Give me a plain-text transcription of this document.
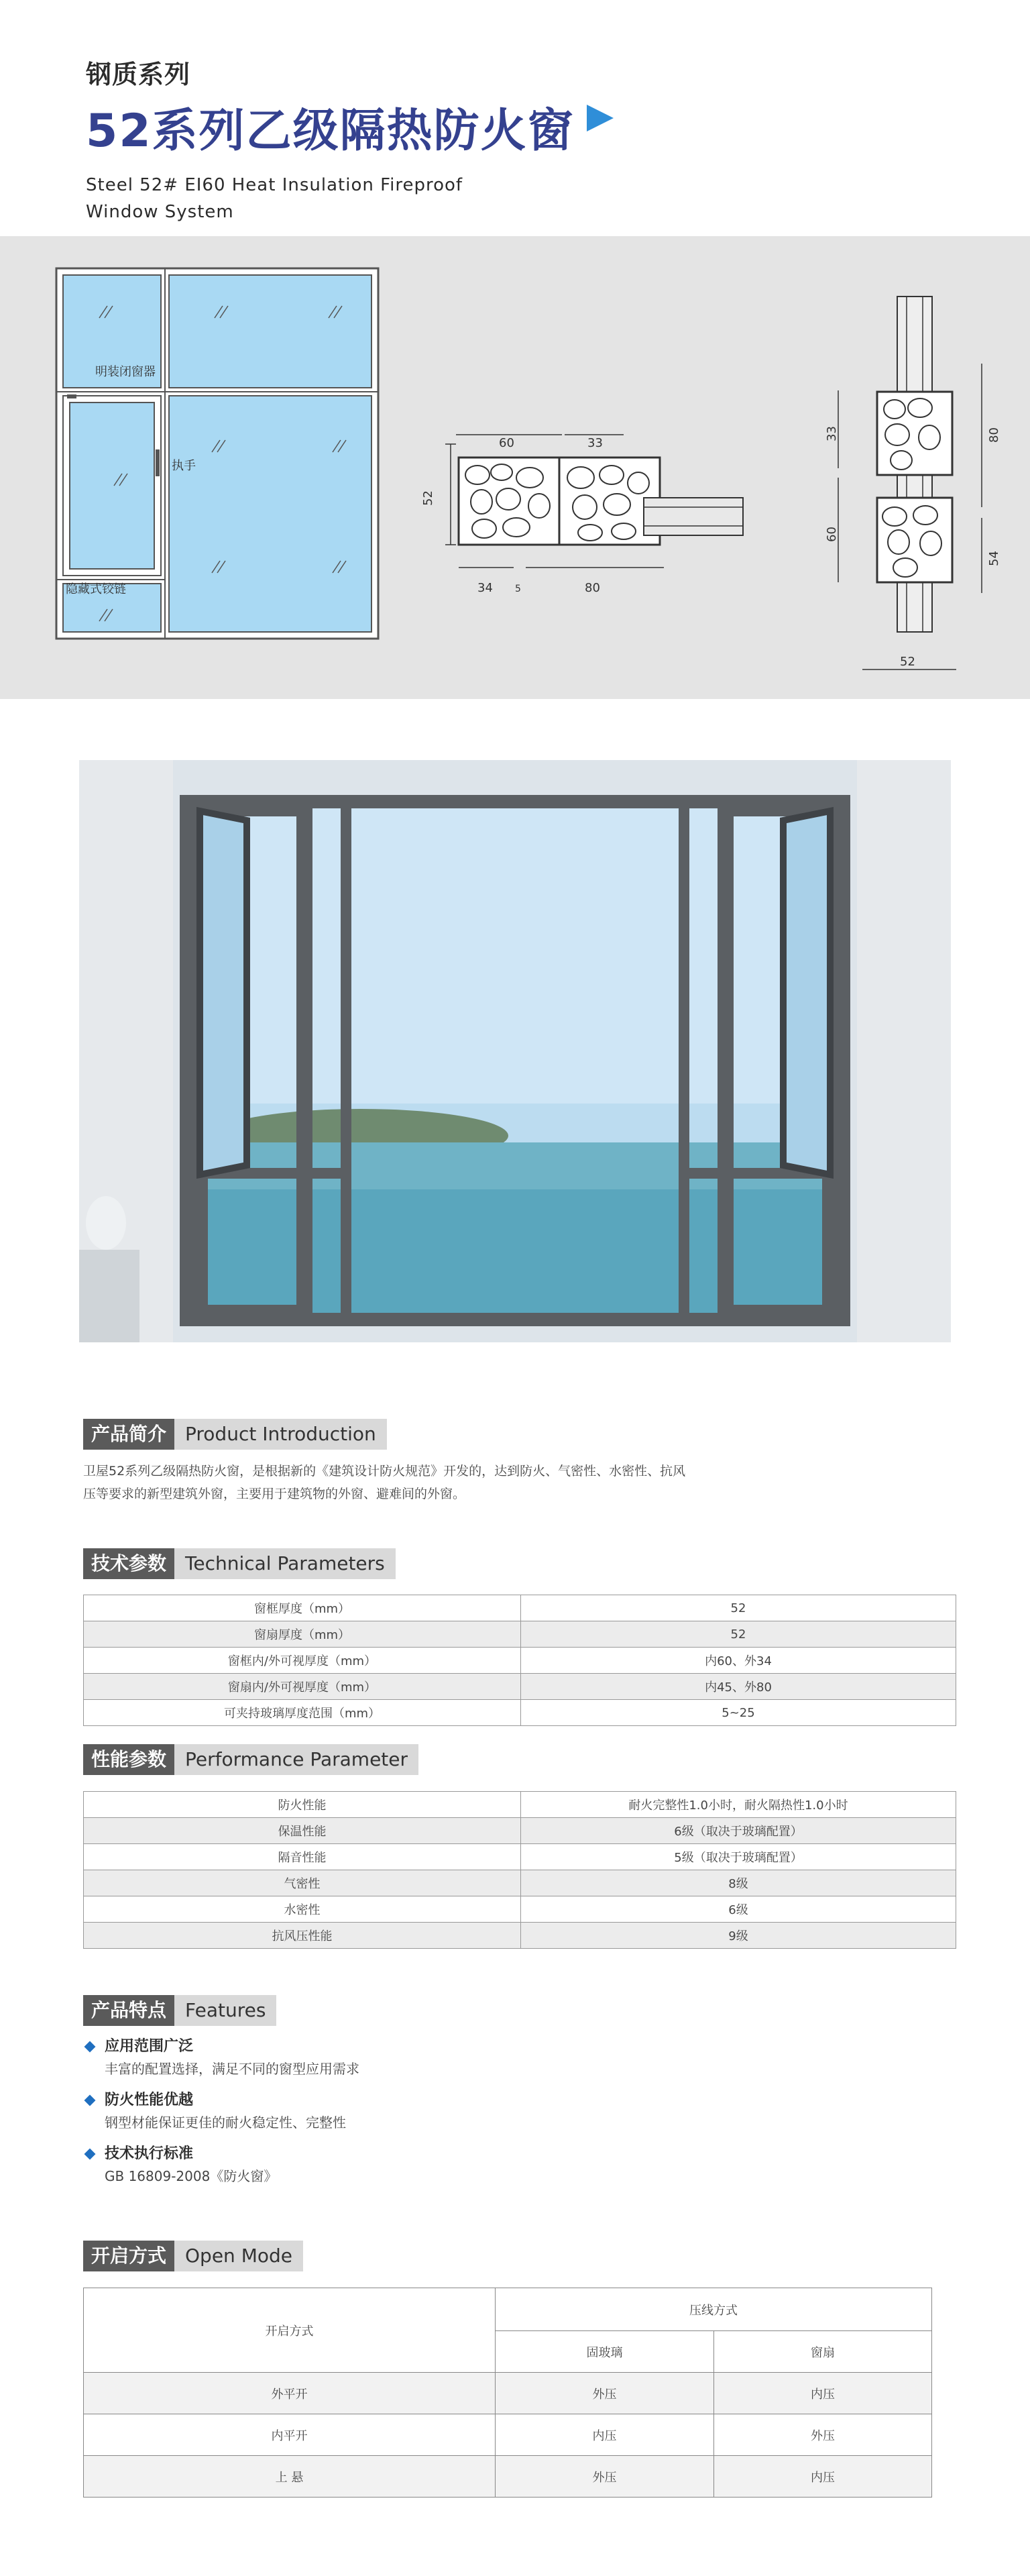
钢质系列
52系列乙级隔热防火窗
Steel 52# EI60 Heat Insulation Fireproof
Window System
明装闭窗器
执手
隐藏式铰链
52
60	33
34 5	80
33
60
80
54
52
产品简介	Product Introduction
卫屋52系列乙级隔热防火窗，是根据新的《建筑设计防火规范》开发的，达到防火、气密性、水密性、抗风
压等要求的新型建筑外窗，主要用于建筑物的外窗、避难间的外窗。
技术参数	Technical Parameters
窗框厚度（mm）	52
窗扇厚度（mm）	52
窗框内/外可视厚度（mm）	内60、外34
窗扇内/外可视厚度（mm）	内45、外80
可夹持玻璃厚度范围（mm）	5~25
性能参数	Performance Parameter
防火性能	耐火完整性1.0小时，耐火隔热性1.0小时
保温性能	6级（取决于玻璃配置）
隔音性能	5级（取决于玻璃配置）
气密性	8级
水密性	6级
抗风压性能	9级
产品特点	Features
应用范围广泛
丰富的配置选择，满足不同的窗型应用需求
防火性能优越
钢型材能保证更佳的耐火稳定性、完整性
技术执行标准
GB 16809-2008《防火窗》
开启方式	Open Mode
开启方式	压线方式	
	固玻璃	窗扇
外平开	外压	内压
内平开	内压	外压
上 悬	外压	内压
